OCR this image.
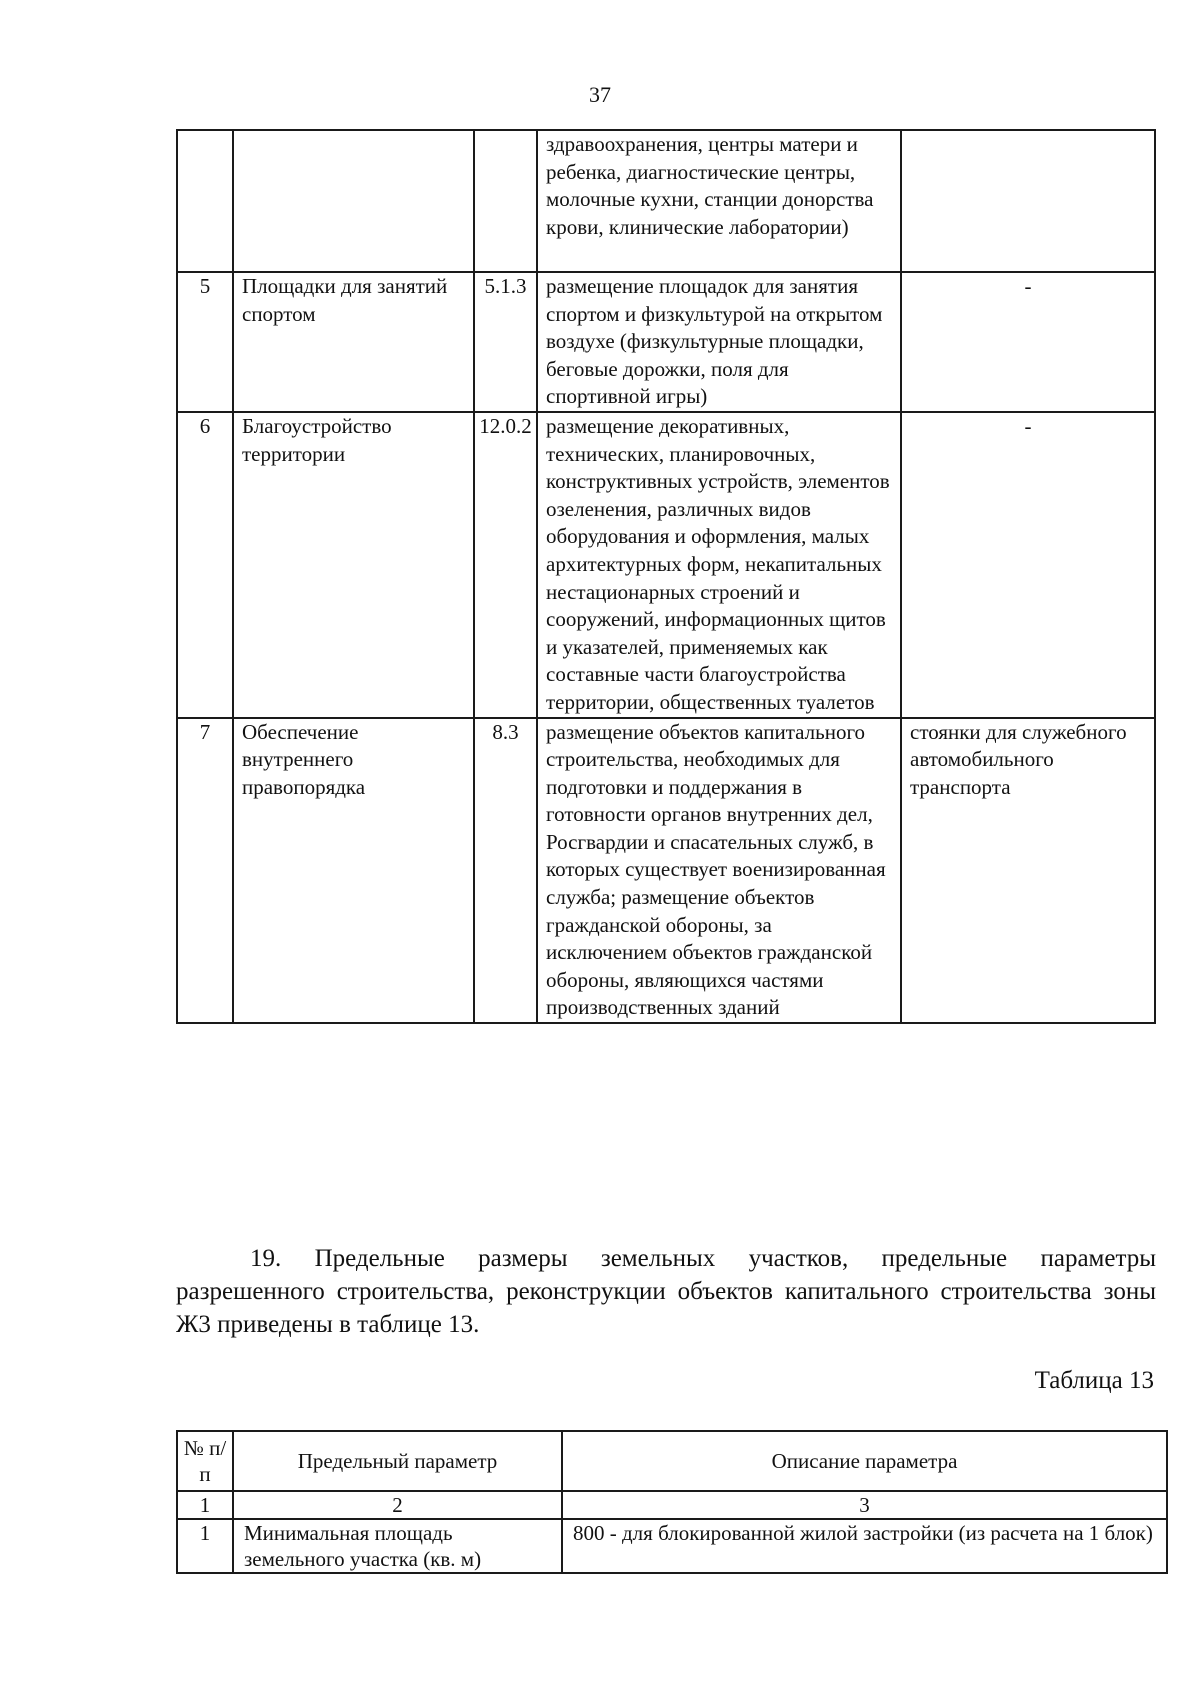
37
			здравоохранения, центры матери и ребенка, диагностические центры, молочные кухни, станции донорства крови, клинические лаборатории)	
5	Площадки для занятий спортом	5.1.3	размещение площадок для занятия спортом и физкультурой на открытом воздухе (физкультурные площадки, беговые дорожки, поля для спортивной игры)	-
6	Благоустройство территории	12.0.2	размещение декоративных, технических, планировочных, конструктивных устройств, элементов озеленения, различных видов оборудования и оформления, малых архитектурных форм, некапитальных нестационарных строений и сооружений, информационных щитов и указателей, применяемых как составные части благоустройства территории, общественных туалетов	-
7	Обеспечение внутреннего правопорядка	8.3	размещение объектов капитального строительства, необходимых для подготовки и поддержания в готовности органов внутренних дел, Росгвардии и спасательных служб, в которых существует военизированная служба; размещение объектов гражданской обороны, за исключением объектов гражданской обороны, являющихся частями производственных зданий	стоянки для служебного автомобильного транспорта
19. Предельные размеры земельных участков, предельные параметры
разрешенного строительства, реконструкции объектов капитального строительства зоны Ж3 приведены в таблице 13.
Таблица 13
№ п/п	Предельный параметр	Описание параметра
1	2	3
1	Минимальная площадь земельного участка (кв. м)	800 - для блокированной жилой застройки (из расчета на 1 блок)
